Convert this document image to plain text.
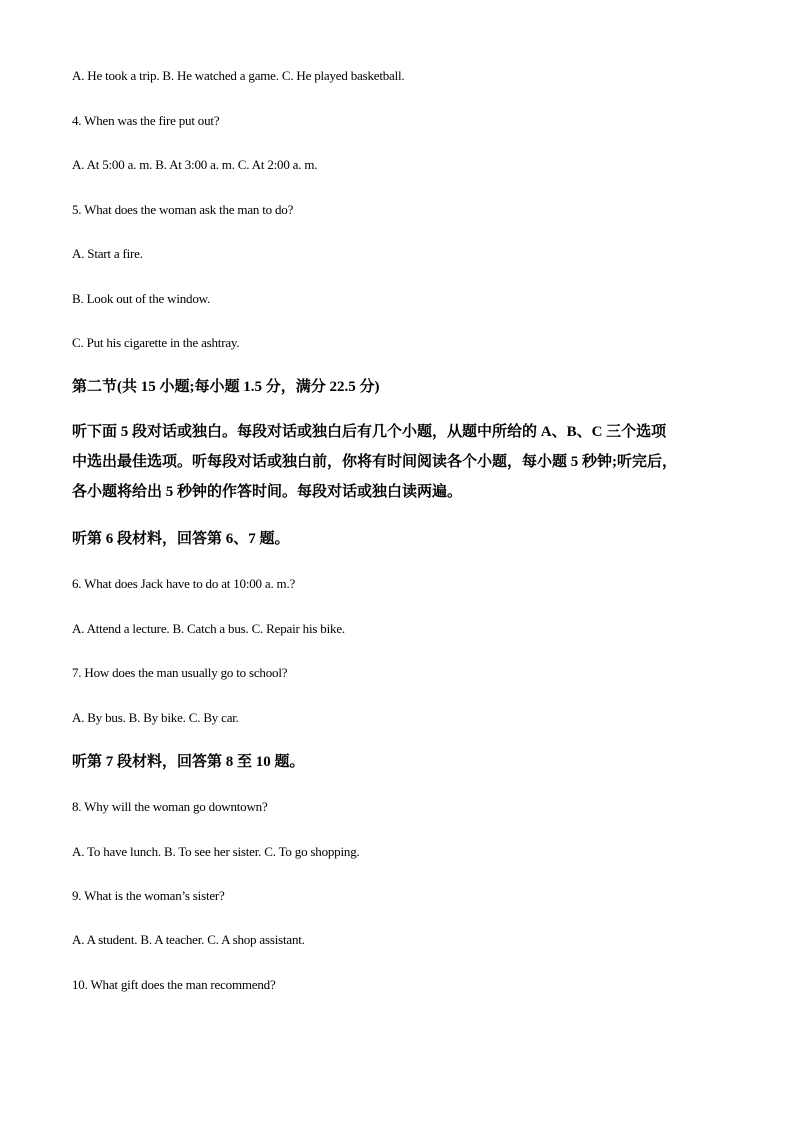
A. He took a trip. B. He watched a game. C. He played basketball.
4. When was the fire put out?
A. At 5:00 a. m. B. At 3:00 a. m. C. At 2:00 a. m.
5. What does the woman ask the man to do?
A. Start a fire.
B. Look out of the window.
C. Put his cigarette in the ashtray.
第二节(共 15 小题;每小题 1.5 分，满分 22.5 分)
听下面 5 段对话或独白。每段对话或独白后有几个小题，从题中所给的 A、B、C 三个选项
中选出最佳选项。听每段对话或独白前，你将有时间阅读各个小题，每小题 5 秒钟;听完后，
各小题将给出 5 秒钟的作答时间。每段对话或独白读两遍。
听第 6 段材料，回答第 6、7 题。
6. What does Jack have to do at 10:00 a. m.?
A. Attend a lecture. B. Catch a bus. C. Repair his bike.
7. How does the man usually go to school?
A. By bus. B. By bike. C. By car.
听第 7 段材料，回答第 8 至 10 题。
8. Why will the woman go downtown?
A. To have lunch. B. To see her sister. C. To go shopping.
9. What is the woman’s sister?
A. A student. B. A teacher. C. A shop assistant.
10. What gift does the man recommend?
